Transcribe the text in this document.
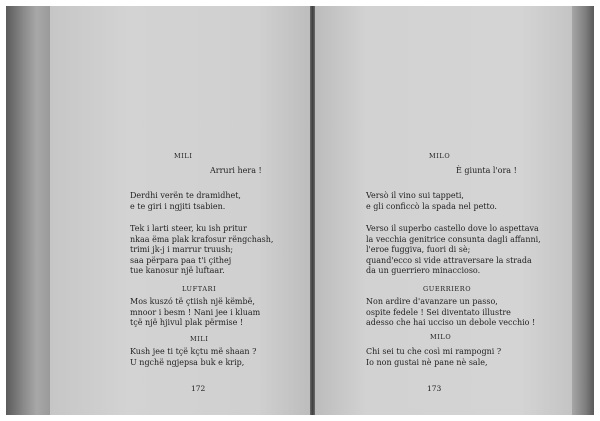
MILI
Arruri hera !
Derdhi verën te dramidhet,
e te giri i ngjiti tsabien.
Tek i larti steer, ku ish pritur
nkaa ëma plak krafosur rëngchash,
trimi jk-j i marrur truush;
saa përpara paa t'i çithej
tue kanosur një luftaar.
LUFTARI
Mos kuszó të çtiish një këmbë,
mnoor i besm ! Nani jee i kluam
tçë një hjivul plak përmise !
MILI
Kush jee ti tçë kçtu më shaan ?
U ngchë ngjepsa buk e krip,
172
MILO
È giunta l'ora !
Versò il vino sui tappeti,
e gli conficcò la spada nel petto.
Verso il superbo castello dove lo aspettava
la vecchia genitrice consunta dagli affanni,
l'eroe fuggiva, fuori di sè;
quand'ecco si vide attraversare la strada
da un guerriero minaccioso.
GUERRIERO
Non ardire d'avanzare un passo,
ospite fedele ! Sei diventato illustre
adesso che hai ucciso un debole vecchio !
MILO
Chi sei tu che così mi rampogni ?
Io non gustai nè pane nè sale,
173
